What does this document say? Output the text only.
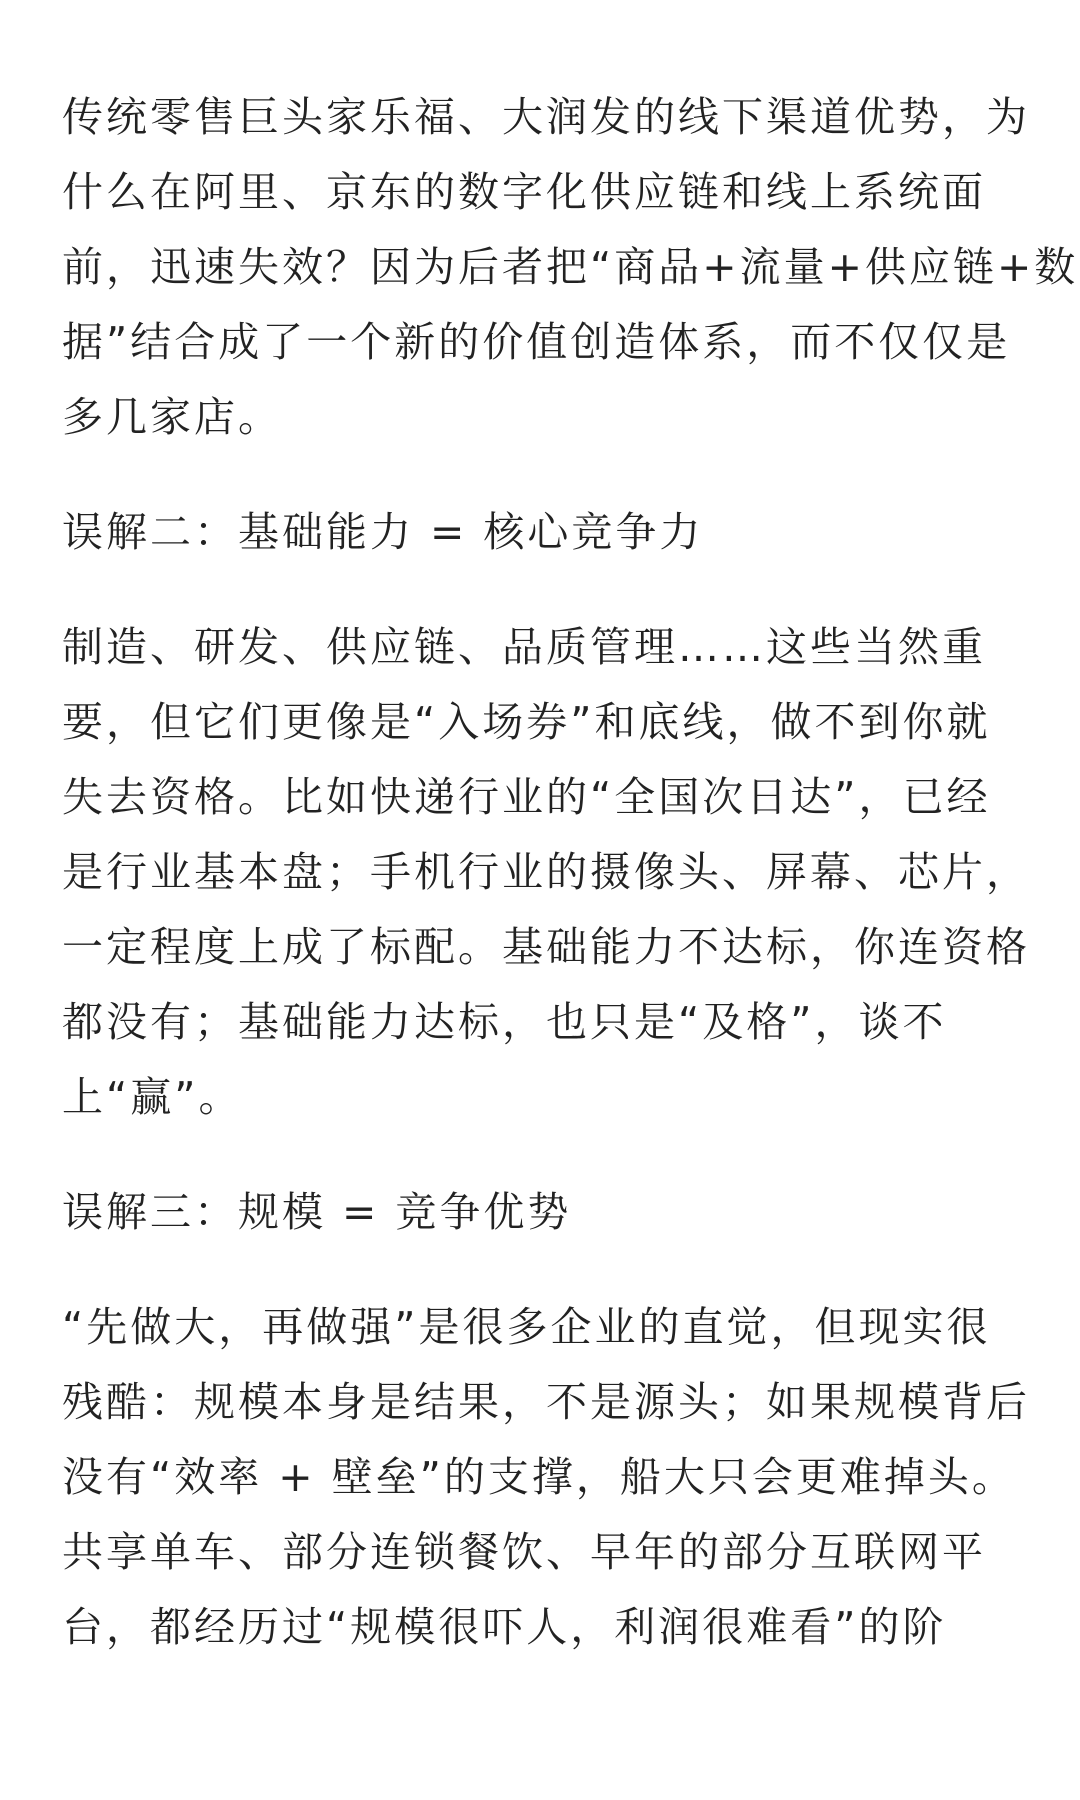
传统零售巨头家乐福、大润发的线下渠道优势，为
什么在阿里、京东的数字化供应链和线上系统面
前，迅速失效？因为后者把“商品+流量+供应链+数
据”结合成了一个新的价值创造体系，而不仅仅是
多几家店。
误解二：基础能力 = 核心竞争力
制造、研发、供应链、品质管理……这些当然重
要，但它们更像是“入场券”和底线，做不到你就
失去资格。比如快递行业的“全国次日达”，已经
是行业基本盘；手机行业的摄像头、屏幕、芯片，
一定程度上成了标配。基础能力不达标，你连资格
都没有；基础能力达标，也只是“及格”，谈不
上“赢”。
误解三：规模 = 竞争优势
“先做大，再做强”是很多企业的直觉，但现实很
残酷：规模本身是结果，不是源头；如果规模背后
没有“效率 + 壁垒”的支撑，船大只会更难掉头。
共享单车、部分连锁餐饮、早年的部分互联网平
台，都经历过“规模很吓人，利润很难看”的阶
